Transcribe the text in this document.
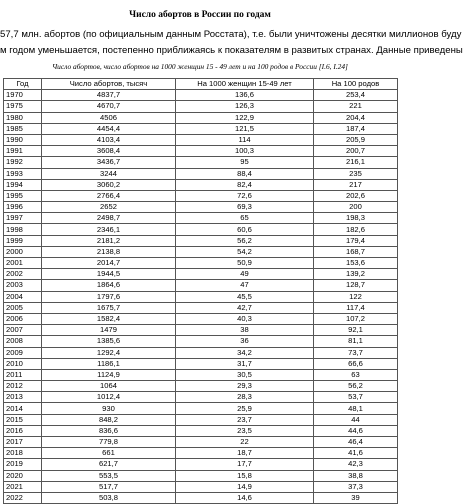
Число абортов в России по годам
57,7 млн. абортов (по официальным данным Росстата), т.е. были уничтожены десятки миллионов буду
м годом уменьшается, постепенно приближаясь к показателям в развитых странах. Данные приведены
Число абортов, число абортов на 1000 женщин 15 - 49 лет и на 100 родов в России [I.6, I.24]
Год	Число абортов, тысяч	На 1000 женщин 15-49 лет	На 100 родов
1970	4837,7	136,6	253,4
1975	4670,7	126,3	221
1980	4506	122,9	204,4
1985	4454,4	121,5	187,4
1990	4103,4	114	205,9
1991	3608,4	100,3	200,7
1992	3436,7	95	216,1
1993	3244	88,4	235
1994	3060,2	82,4	217
1995	2766,4	72,6	202,6
1996	2652	69,3	200
1997	2498,7	65	198,3
1998	2346,1	60,6	182,6
1999	2181,2	56,2	179,4
2000	2138,8	54,2	168,7
2001	2014,7	50,9	153,6
2002	1944,5	49	139,2
2003	1864,6	47	128,7
2004	1797,6	45,5	122
2005	1675,7	42,7	117,4
2006	1582,4	40,3	107,2
2007	1479	38	92,1
2008	1385,6	36	81,1
2009	1292,4	34,2	73,7
2010	1186,1	31,7	66,6
2011	1124,9	30,5	63
2012	1064	29,3	56,2
2013	1012,4	28,3	53,7
2014	930	25,9	48,1
2015	848,2	23,7	44
2016	836,6	23,5	44,6
2017	779,8	22	46,4
2018	661	18,7	41,6
2019	621,7	17,7	42,3
2020	553,5	15,8	38,8
2021	517,7	14,9	37,3
2022	503,8	14,6	39
